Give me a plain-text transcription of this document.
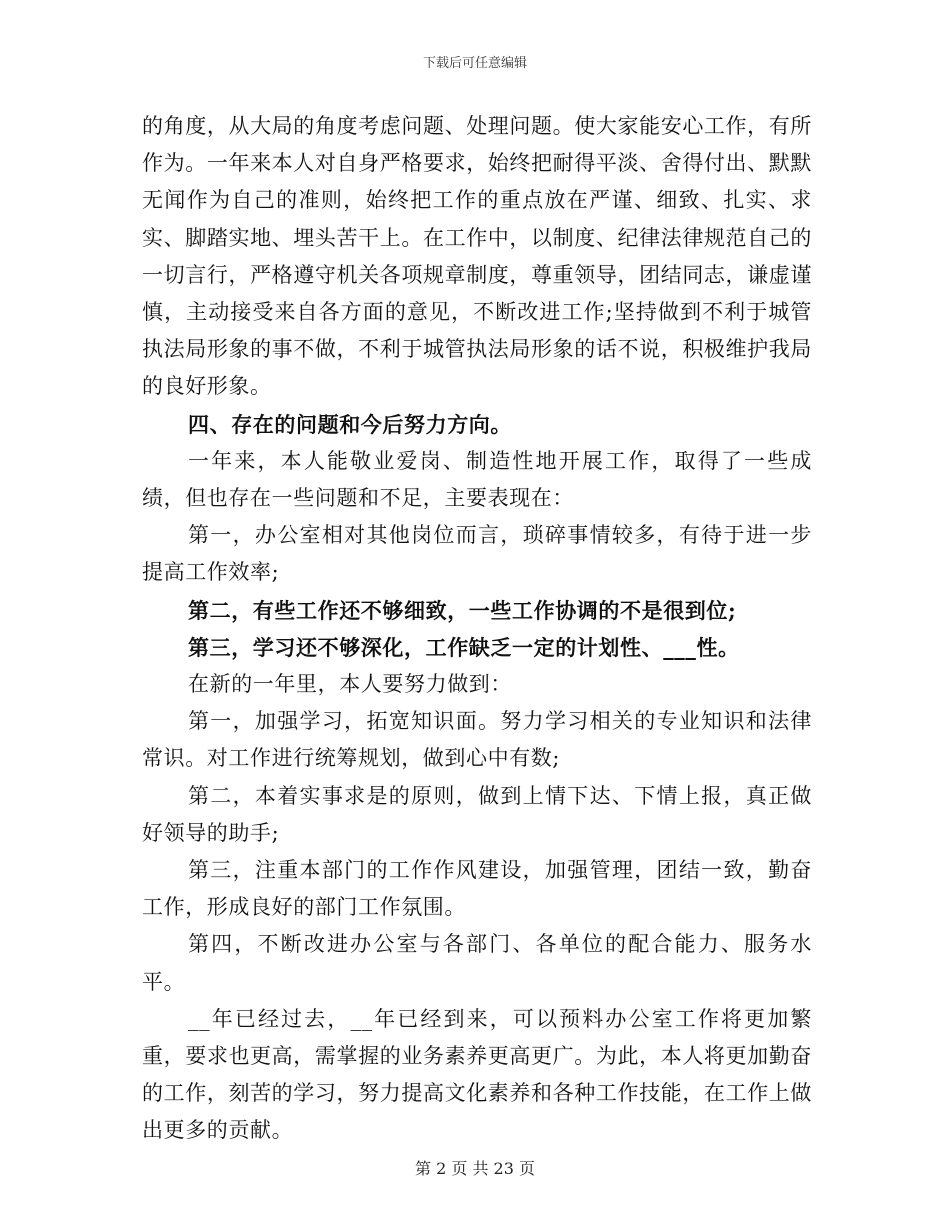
下载后可任意编辑

的角度，从大局的角度考虑问题、处理问题。使大家能安心工作，有所作为。一年来本人对自身严格要求，始终把耐得平淡、舍得付出、默默无闻作为自己的准则，始终把工作的重点放在严谨、细致、扎实、求实、脚踏实地、埋头苦干上。在工作中，以制度、纪律法律规范自己的一切言行，严格遵守机关各项规章制度，尊重领导，团结同志，谦虚谨慎，主动接受来自各方面的意见，不断改进工作;坚持做到不利于城管执法局形象的事不做，不利于城管执法局形象的话不说，积极维护我局的良好形象。

四、存在的问题和今后努力方向。

一年来，本人能敬业爱岗、制造性地开展工作，取得了一些成绩，但也存在一些问题和不足，主要表现在：

第一，办公室相对其他岗位而言，琐碎事情较多，有待于进一步提高工作效率;

第二，有些工作还不够细致，一些工作协调的不是很到位;

第三，学习还不够深化，工作缺乏一定的计划性、___性。

在新的一年里，本人要努力做到：

第一，加强学习，拓宽知识面。努力学习相关的专业知识和法律常识。对工作进行统筹规划，做到心中有数;

第二，本着实事求是的原则，做到上情下达、下情上报，真正做好领导的助手;

第三，注重本部门的工作作风建设，加强管理，团结一致，勤奋工作，形成良好的部门工作氛围。

第四，不断改进办公室与各部门、各单位的配合能力、服务水平。

__年已经过去，__年已经到来，可以预料办公室工作将更加繁重，要求也更高，需掌握的业务素养更高更广。为此，本人将更加勤奋的工作，刻苦的学习，努力提高文化素养和各种工作技能，在工作上做出更多的贡献。

第 2 页 共 23 页
